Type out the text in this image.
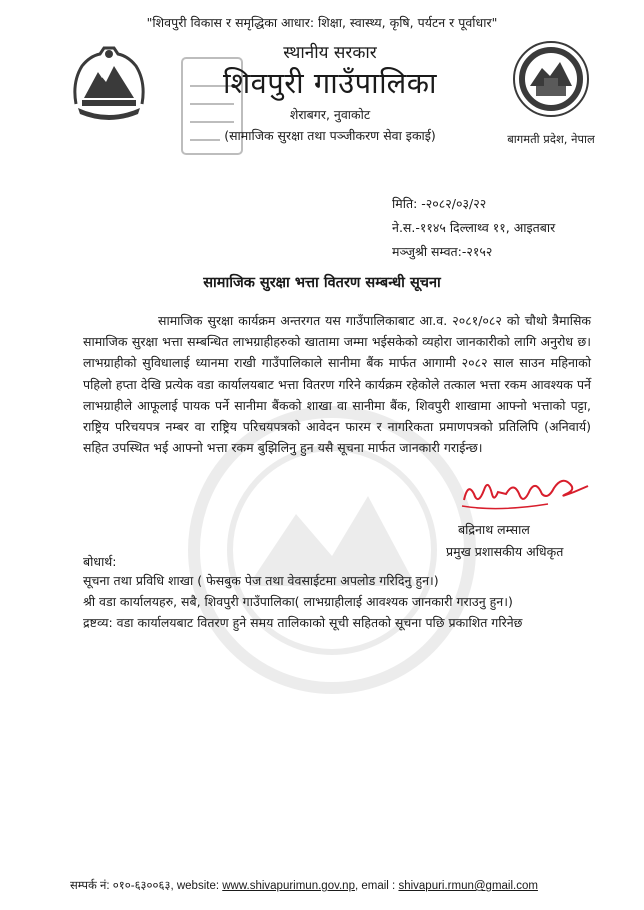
"शिवपुरी विकास र समृद्धिका आधार: शिक्षा, स्वास्थ्य, कृषि, पर्यटन र पूर्वाधार"
स्थानीय सरकार
शिवपुरी गाउँपालिका
शेराबगर, नुवाकोट
(सामाजिक सुरक्षा तथा पञ्जीकरण सेवा इकाई)	बागमती प्रदेश, नेपाल
मिति: -२०८२/०३/२२
ने.स.-११४५ दिल्लाथ्व ११, आइतबार
मञ्जुश्री सम्वत:-२१५२
सामाजिक सुरक्षा भत्ता वितरण सम्बन्धी सूचना

सामाजिक सुरक्षा कार्यक्रम अन्तरगत यस गाउँपालिकाबाट आ.व. २०८१/०८२ को चौथो त्रैमासिक सामाजिक सुरक्षा भत्ता सम्बन्धित लाभग्राहीहरुको खातामा जम्मा भईसकेको व्यहोरा जानकारीको लागि अनुरोध छ। लाभग्राहीको सुविधालाई ध्यानमा राखी गाउँपालिकाले सानीमा बैंक मार्फत आगामी २०८२ साल साउन महिनाको पहिलो हप्ता देखि प्रत्येक वडा कार्यालयबाट भत्ता वितरण गरिने कार्यक्रम रहेकोले तत्काल भत्ता रकम आवश्यक पर्ने लाभग्राहीले आफूलाई पायक पर्ने सानीमा बैंकको शाखा वा सानीमा बैंक, शिवपुरी शाखामा आफ्नो भत्ताको पट्टा, राष्ट्रिय परिचयपत्र नम्बर वा राष्ट्रिय परिचयपत्रको आवेदन फारम र नागरिकता प्रमाणपत्रको प्रतिलिपि (अनिवार्य) सहित उपस्थित भई आफ्नो भत्ता रकम बुझिलिनु हुन यसै सूचना मार्फत जानकारी गराईन्छ।

बद्रिनाथ लम्साल
प्रमुख प्रशासकीय अधिकृत
बोधार्थ:
सूचना तथा प्रविधि शाखा ( फेसबुक पेज तथा वेवसाईटमा अपलोड गरिदिनु हुन।)
श्री वडा कार्यालयहरु, सबै, शिवपुरी गाउँपालिका( लाभग्राहीलाई आवश्यक जानकारी गराउनु हुन।)
द्रष्टव्य: वडा कार्यालयबाट वितरण हुने समय तालिकाको सूची सहितको सूचना पछि प्रकाशित गरिनेछ
सम्पर्क नं: ०१०-६३००६३, website: www.shivapurimun.gov.np, email : shivapuri.rmun@gmail.com
